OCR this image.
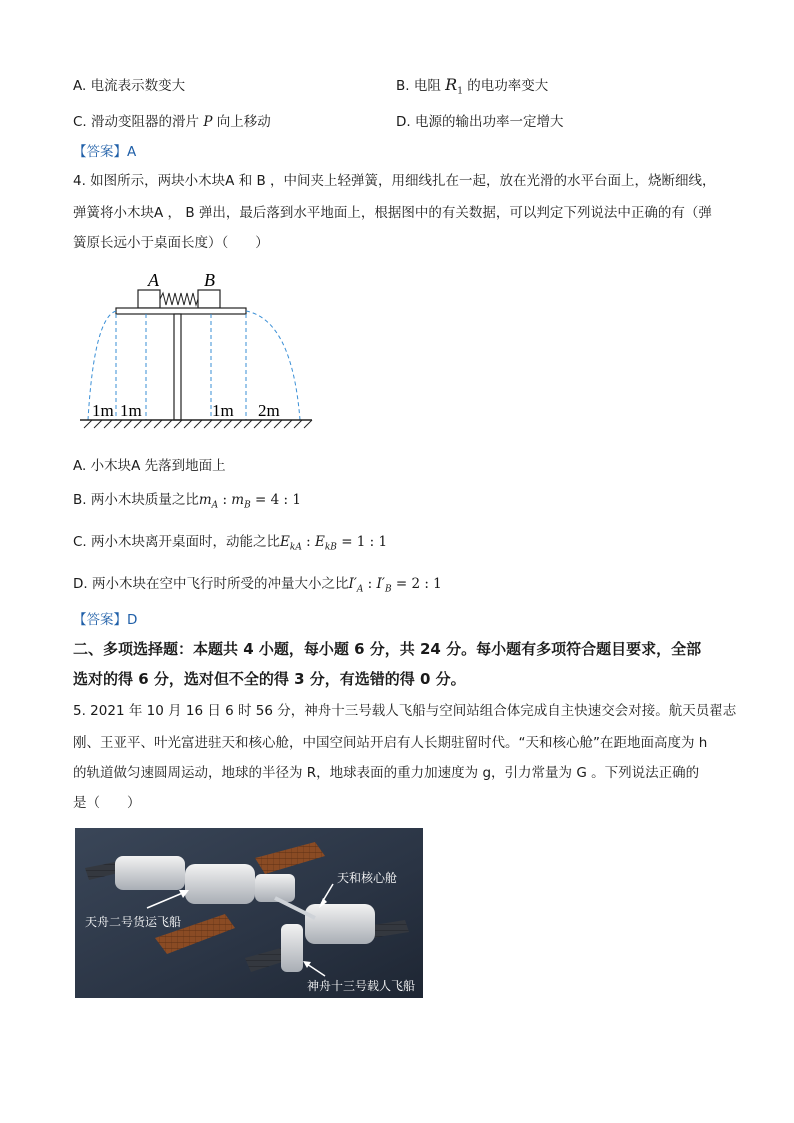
A. 电流表示数变大	B. 电阻 $R_1$ 的电功率变大
C. 滑动变阻器的滑片 P 向上移动	D. 电源的输出功率一定增大
【答案】A
4. 如图所示，两块小木块A 和 B ，中间夹上轻弹簧，用细线扎在一起，放在光滑的水平台面上，烧断细线，
弹簧将小木块A ， B 弹出，最后落到水平地面上，根据图中的有关数据，可以判定下列说法中正确的有（弹
簧原长远小于桌面长度）（　　）
A	B
1m 1m	1m 2m
A. 小木块A 先落到地面上
B. 两小木块质量之比$m_A$ : $m_B = 4$ : 1
C. 两小木块离开桌面时，动能之比$E_{kA}$ : $E_{kB} = 1$ : 1
D. 两小木块在空中飞行时所受的冲量大小之比$I'_A$ : $I'_B = 2$ : 1
【答案】D
二、多项选择题：本题共 4 小题，每小题 6 分，共 24 分。每小题有多项符合题目要求，全部
选对的得 6 分，选对但不全的得 3 分，有选错的得 0 分。
5. 2021 年 10 月 16 日 6 时 56 分，神舟十三号载人飞船与空间站组合体完成自主快速交会对接。航天员翟志
刚、王亚平、叶光富进驻天和核心舱，中国空间站开启有人长期驻留时代。“天和核心舱”在距地面高度为 h
的轨道做匀速圆周运动，地球的半径为 R，地球表面的重力加速度为 g，引力常量为 G 。下列说法正确的
是（　　）
天和核心舱
天舟二号货运飞船
神舟十三号载人飞船
